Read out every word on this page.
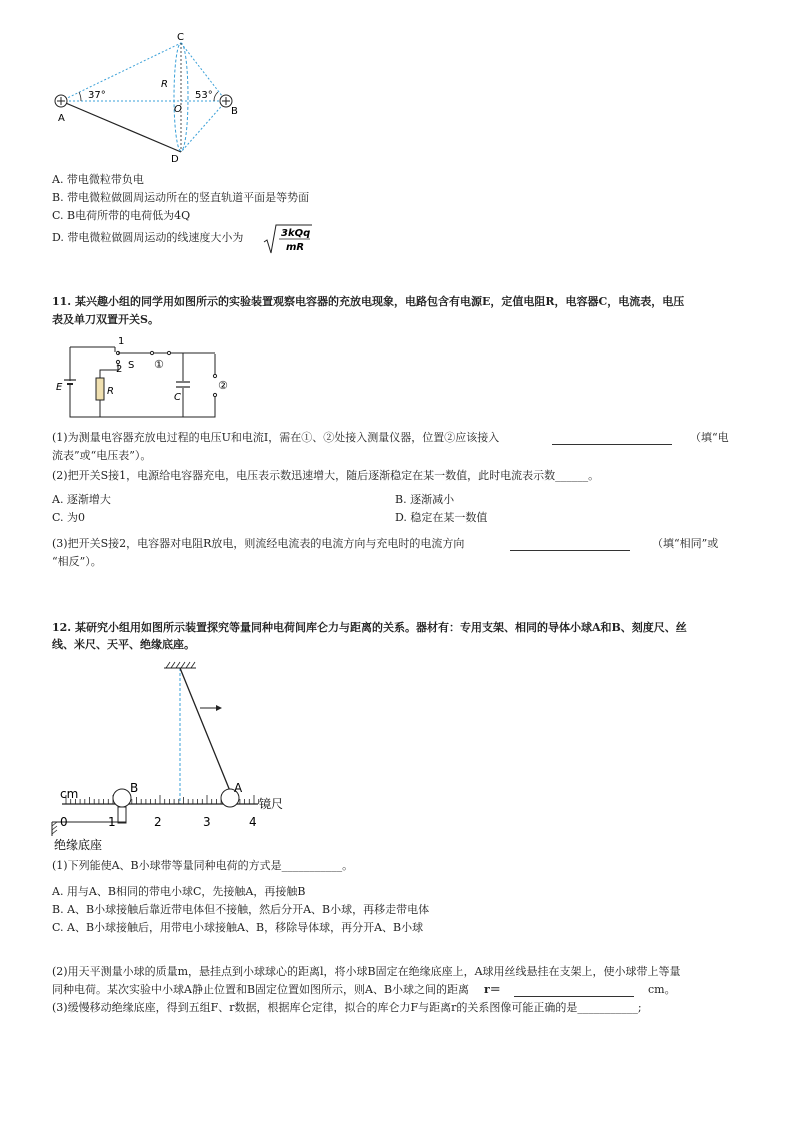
C
D
A
B
O
R
37°	53°
A. 带电微粒带负电
B. 带电微粒做圆周运动所在的竖直轨道平面是等势面
C. B电荷所带的电荷低为4Q
D. 带电微粒做圆周运动的线速度大小为	3kQq
mR
11. 某兴趣小组的同学用如图所示的实验装置观察电容器的充放电现象，电路包含有电源E，定值电阻R，电容器C，电流表，电压
表及单刀双置开关S。
E	R
C
S
1
2	①
②
(1)为测量电容器充放电过程的电压U和电流I，需在①、②处接入测量仪器，位置②应该接入	（填“电
流表”或“电压表”）。
(2)把开关S接1，电源给电容器充电，电压表示数迅速增大，随后逐渐稳定在某一数值，此时电流表示数______。
A. 逐渐增大	B. 逐渐减小
C. 为0	D. 稳定在某一数值
(3)把开关S接2，电容器对电阻R放电，则流经电流表的电流方向与充电时的电流方向	（填“相同”或
“相反”）。
12. 某研究小组用如图所示装置探究等量同种电荷间库仑力与距离的关系。器材有：专用支架、相同的导体小球A和B、刻度尺、丝
线、米尺、天平、绝缘底座。
cm	B	A
镜尺
绝缘底座
0	1	2	3	4
(1)下列能使A、B小球带等量同种电荷的方式是___________。
A. 用与A、B相同的带电小球C，先接触A，再接触B
B. A、B小球接触后靠近带电体但不接触，然后分开A、B小球，再移走带电体
C. A、B小球接触后，用带电小球接触A、B，移除导体球，再分开A、B小球
(2)用天平测量小球的质量m，悬挂点到小球球心的距离l，将小球B固定在绝缘底座上，A球用丝线悬挂在支架上，使小球带上等量
同种电荷。某次实验中小球A静止位置和B固定位置如图所示，则A、B小球之间的距离 r＝	cm。
(3)缓慢移动绝缘底座，得到五组F、r数据，根据库仑定律，拟合的库仑力F与距离r的关系图像可能正确的是___________;
